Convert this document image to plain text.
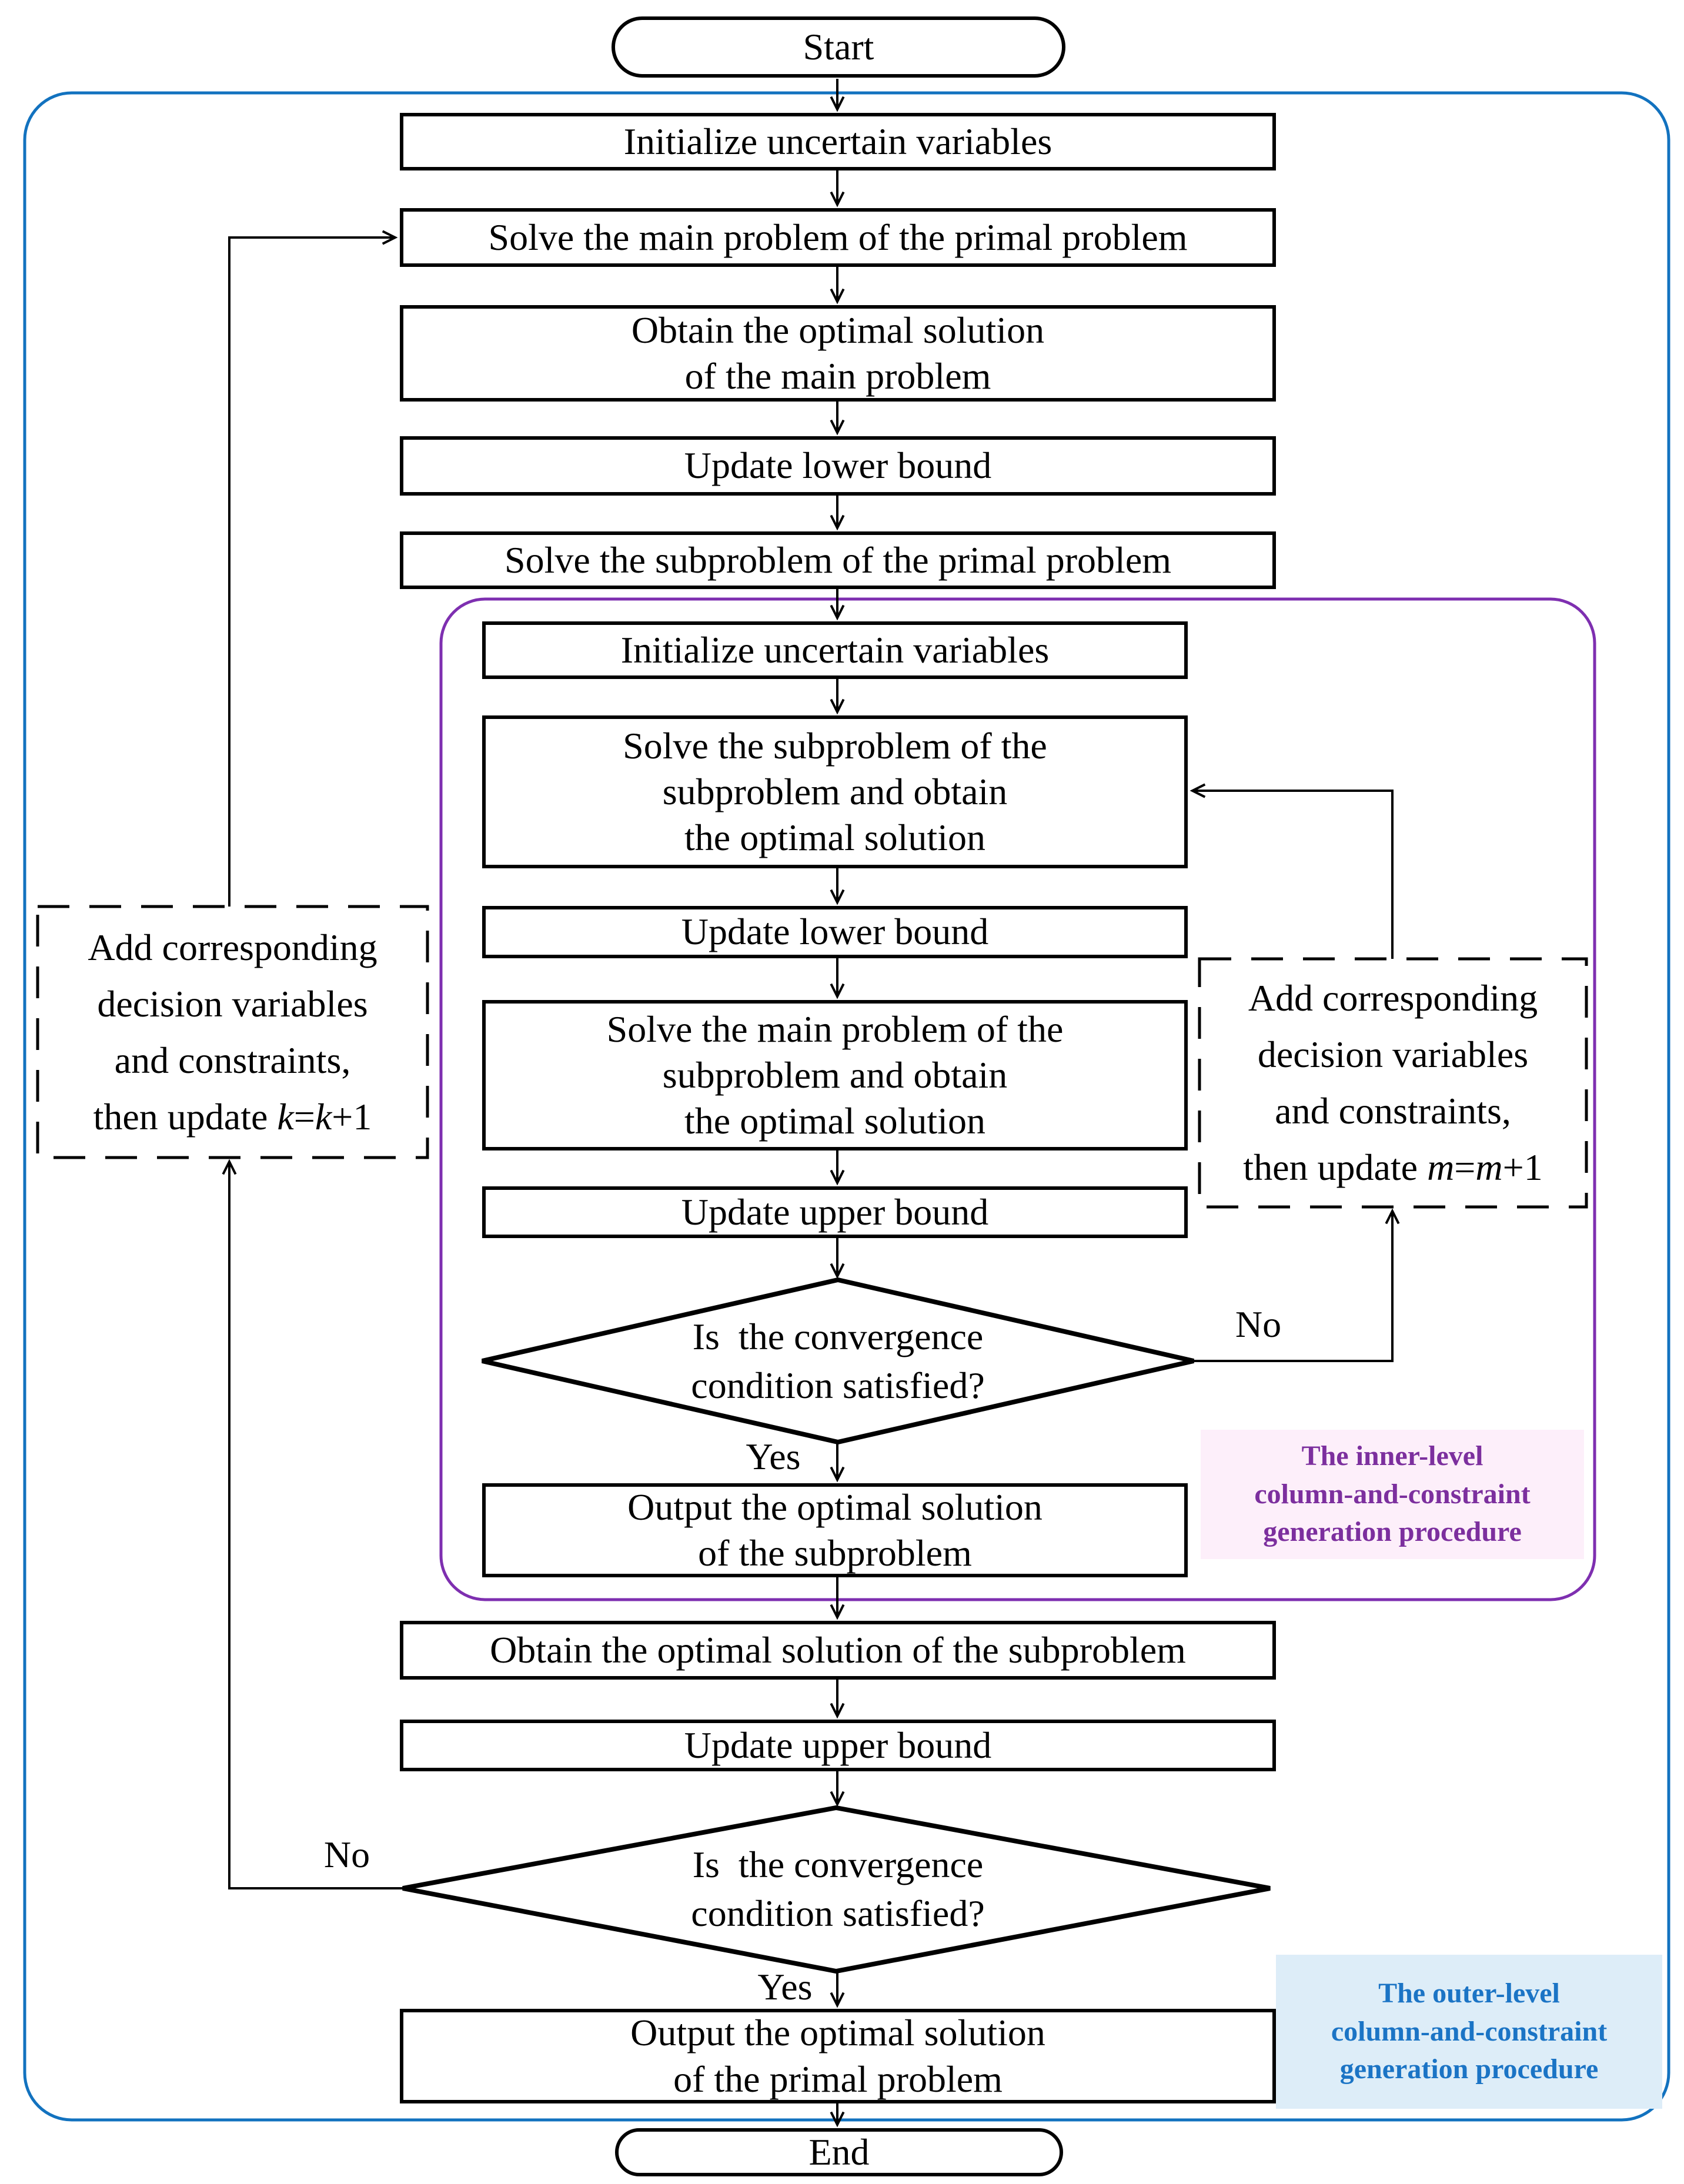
Start
End
Initialize uncertain variables
Solve the main problem of the primal problem
Obtain the optimal solution
of the main problem
Update lower bound
Solve the subproblem of the primal problem
Initialize uncertain variables
Solve the subproblem of the
subproblem and obtain
the optimal solution
Update lower bound
Solve the main problem of the
subproblem and obtain
the optimal solution
Update upper bound
Output the optimal solution
of the subproblem
Obtain the optimal solution of the subproblem
Update upper bound
Output the optimal solution
of the primal problem
Is  the convergence
condition satisfied?
Is  the convergence
condition satisfied?
No
Yes
No
Yes
Add corresponding
decision variables
and constraints,
then update k=k+1
Add corresponding
decision variables
and constraints,
then update m=m+1
The inner-level
column-and-constraint
generation procedure
The outer-level
column-and-constraint
generation procedure
